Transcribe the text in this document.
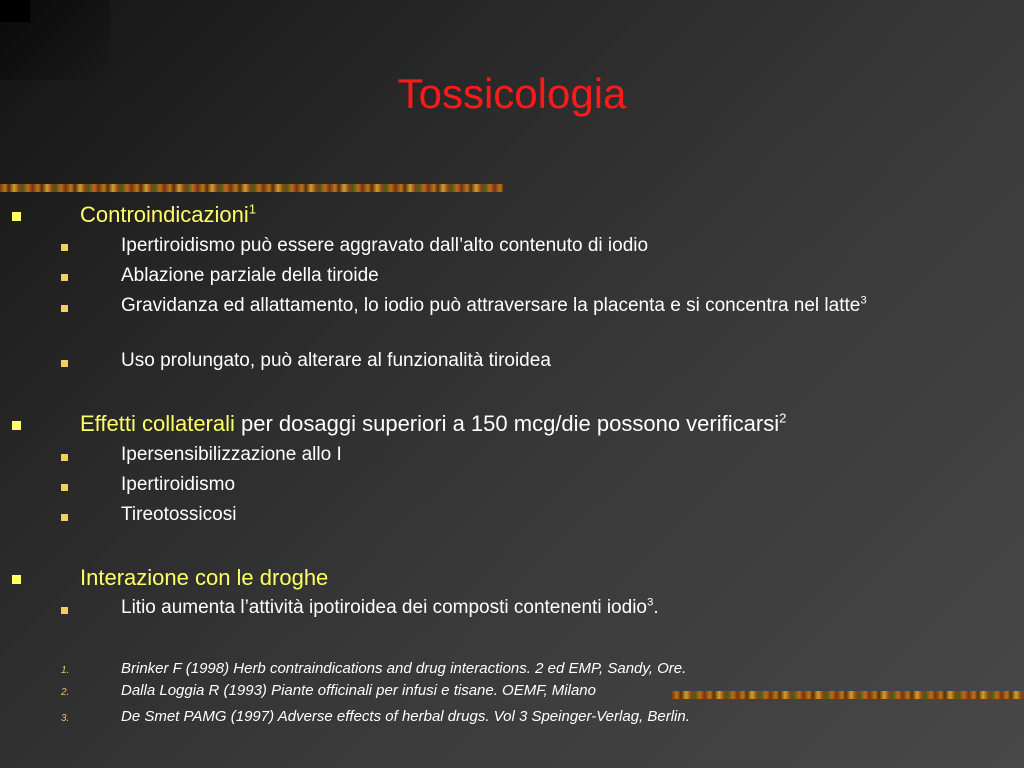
Tossicologia
Controindicazioni$^1$
Ipertiroidismo può essere aggravato dall’alto contenuto di iodio
Ablazione parziale della tiroide
Gravidanza ed allattamento, lo iodio può attraversare la placenta e si concentra nel latte$^3$
Uso prolungato, può alterare al funzionalità tiroidea
Effetti collaterali per dosaggi superiori a 150 mcg/die possono verificarsi$^2$
Ipersensibilizzazione allo I
Ipertiroidismo
Tireotossicosi
Interazione con le droghe
Litio aumenta l’attività ipotiroidea dei composti contenenti iodio$^3$.
1.	Brinker F (1998) Herb contraindications and drug interactions. 2 ed EMP, Sandy, Ore.
2.	Dalla Loggia R (1993) Piante officinali per infusi e tisane. OEMF, Milano
3.	De Smet PAMG (1997) Adverse effects of herbal drugs. Vol 3 Speinger-Verlag, Berlin.
